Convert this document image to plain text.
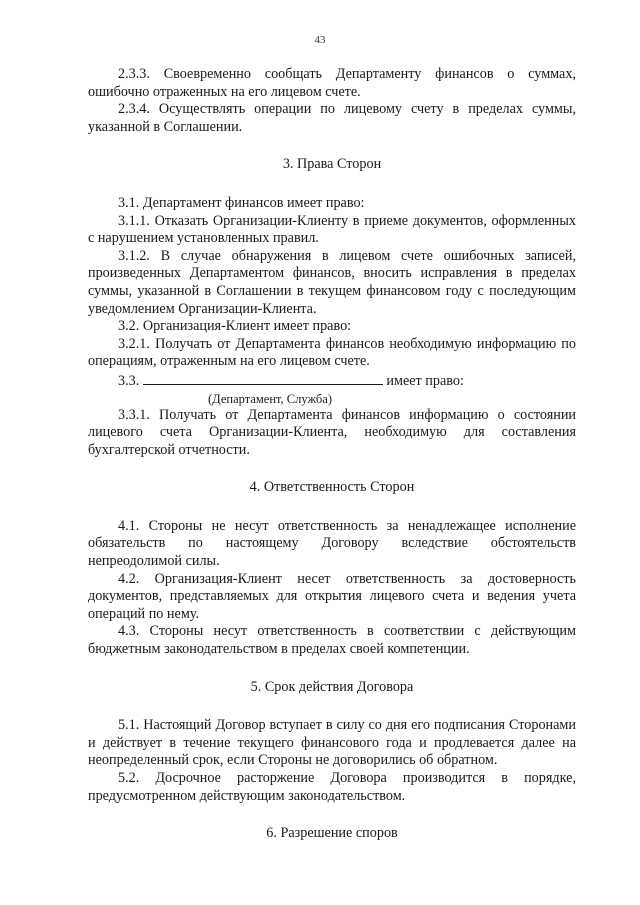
43

2.3.3. Своевременно сообщать Департаменту финансов о суммах, ошибочно отраженных на его лицевом счете.

2.3.4. Осуществлять операции по лицевому счету в пределах суммы, указанной в Соглашении.

3. Права Сторон

3.1. Департамент финансов имеет право:

3.1.1. Отказать Организации-Клиенту в приеме документов, оформленных с нарушением установленных правил.

3.1.2. В случае обнаружения в лицевом счете ошибочных записей, произведенных Департаментом финансов, вносить исправления в пределах суммы, указанной в Соглашении в текущем финансовом году с последующим уведомлением Организации-Клиента.

3.2. Организация-Клиент имеет право:

3.2.1. Получать от Департамента финансов необходимую информацию по операциям, отраженным на его лицевом счете.

3.3.	имеет право:

(Департамент, Служба)

3.3.1. Получать от Департамента финансов информацию о состоянии лицевого счета Организации-Клиента, необходимую для составления бухгалтерской отчетности.

4. Ответственность Сторон

4.1. Стороны не несут ответственность за ненадлежащее исполнение обязательств по настоящему Договору вследствие обстоятельств непреодолимой силы.

4.2. Организация-Клиент несет ответственность за достоверность документов, представляемых для открытия лицевого счета и ведения учета операций по нему.

4.3. Стороны несут ответственность в соответствии с действующим бюджетным законодательством в пределах своей компетенции.

5. Срок действия Договора

5.1. Настоящий Договор вступает в силу со дня его подписания Сторонами и действует в течение текущего финансового года и продлевается далее на неопределенный срок, если Стороны не договорились об обратном.

5.2. Досрочное расторжение Договора производится в порядке, предусмотренном действующим законодательством.

6. Разрешение споров
